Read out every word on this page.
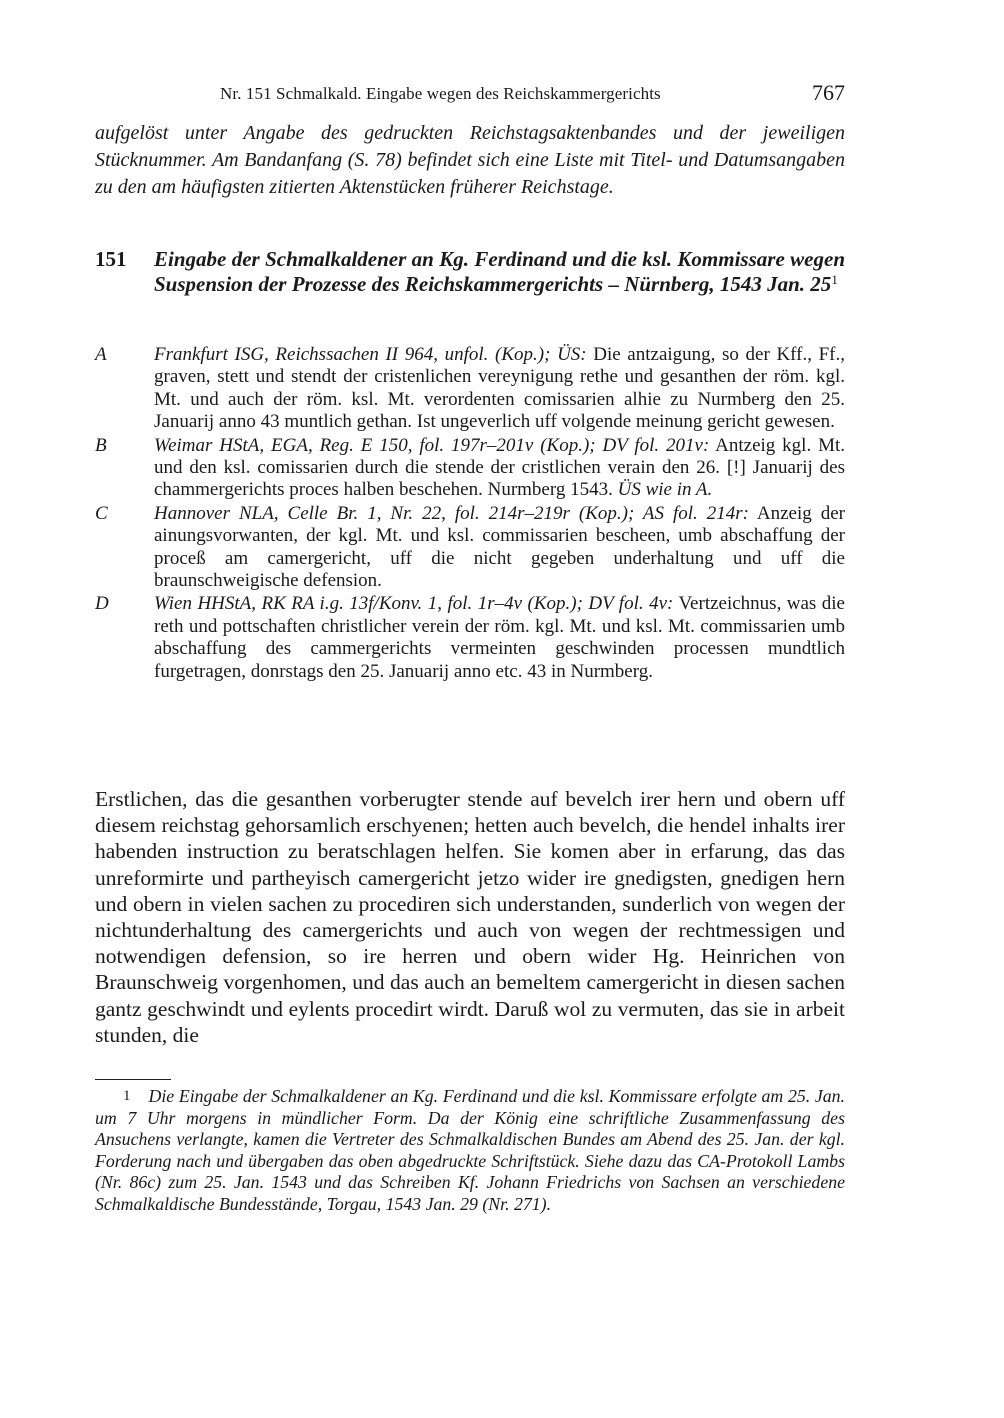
Nr. 151 Schmalkald. Eingabe wegen des Reichskammergerichts	767

aufgelöst unter Angabe des gedruckten Reichstagsaktenbandes und der jeweiligen Stücknummer. Am Bandanfang (S. 78) befindet sich eine Liste mit Titel- und Datumsangaben zu den am häufigsten zitierten Aktenstücken früherer Reichstage.

151 Eingabe der Schmalkaldener an Kg. Ferdinand und die ksl. Kommissare wegen Suspension der Prozesse des Reichskammergerichts – Nürnberg, 1543 Jan. $25^1$

A Frankfurt ISG, Reichssachen II 964, unfol. (Kop.); ÜS: Die antzaigung, so der Kff., Ff., graven, stett und stendt der cristenlichen vereynigung rethe und gesanthen der röm. kgl. Mt. und auch der röm. ksl. Mt. verordenten comissarien alhie zu Nurmberg den 25. Januarij anno 43 muntlich gethan. Ist ungeverlich uff volgende meinung gericht gewesen.
B Weimar HStA, EGA, Reg. E 150, fol. 197r–201v (Kop.); DV fol. 201v: Antzeig kgl. Mt. und den ksl. comissarien durch die stende der cristlichen verain den 26. [!] Januarij des chammergerichts proces halben beschehen. Nurmberg 1543. ÜS wie in A.
C Hannover NLA, Celle Br. 1, Nr. 22, fol. 214r–219r (Kop.); AS fol. 214r: Anzeig der ainungsvorwanten, der kgl. Mt. und ksl. commissarien bescheen, umb abschaffung der proceß am camergericht, uff die nicht gegeben underhaltung und uff die braunschweigische defension.
D Wien HHStA, RK RA i.g. 13f/Konv. 1, fol. 1r–4v (Kop.); DV fol. 4v: Vertzeichnus, was die reth und pottschaften christlicher verein der röm. kgl. Mt. und ksl. Mt. commissarien umb abschaffung des cammergerichts vermeinten geschwinden processen mundtlich furgetragen, donrstags den 25. Januarij anno etc. 43 in Nurmberg.

Erstlichen, das die gesanthen vorberugter stende auf bevelch irer hern und obern uff diesem reichstag gehorsamlich erschyenen; hetten auch bevelch, die hendel inhalts irer habenden instruction zu beratschlagen helfen. Sie komen aber in erfarung, das das unreformirte und partheyisch camergericht jetzo wider ire gnedigsten, gnedigen hern und obern in vielen sachen zu procediren sich understanden, sunderlich von wegen der nichtunderhaltung des camergerichts und auch von wegen der rechtmessigen und notwendigen defension, so ire herren und obern wider Hg. Heinrichen von Braunschweig vorgenhomen, und das auch an bemeltem camergericht in diesen sachen gantz geschwindt und eylents procedirt wirdt. Daruß wol zu vermuten, das sie in arbeit stunden, die

1 Die Eingabe der Schmalkaldener an Kg. Ferdinand und die ksl. Kommissare erfolgte am 25. Jan. um 7 Uhr morgens in mündlicher Form. Da der König eine schriftliche Zusammenfassung des Ansuchens verlangte, kamen die Vertreter des Schmalkaldischen Bundes am Abend des 25. Jan. der kgl. Forderung nach und übergaben das oben abgedruckte Schriftstück. Siehe dazu das CA-Protokoll Lambs (Nr. 86c) zum 25. Jan. 1543 und das Schreiben Kf. Johann Friedrichs von Sachsen an verschiedene Schmalkaldische Bundesstände, Torgau, 1543 Jan. 29 (Nr. 271).
